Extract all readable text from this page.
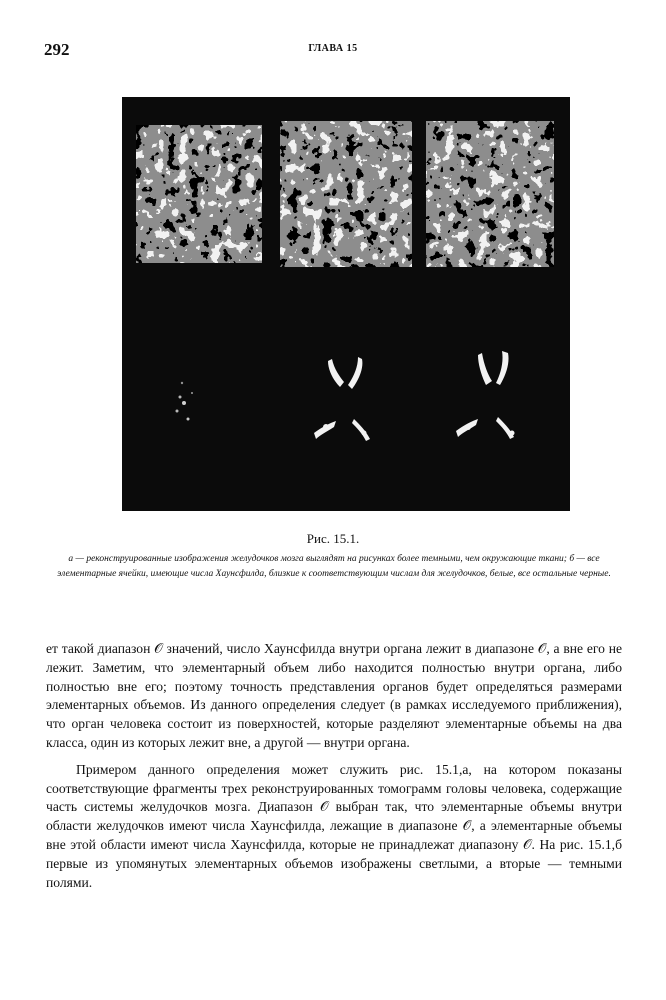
292	ГЛАВА 15
Рис. 15.1.
а — реконструированные изображения желудочков мозга выглядят на рисунках более темными, чем окружающие ткани; б — все элементарные ячейки, имеющие числа Хаунсфилда, близкие к соответствующим числам для желудочков, белые, все остальные черные.

ет такой диапазон 𝒪 значений, число Хаунсфилда внутри органа лежит в диапазоне 𝒪, а вне его не лежит. Заметим, что элементарный объем либо находится полностью внутри органа, либо полностью вне его; поэтому точность представления органов будет определяться размерами элементарных объемов. Из данного определения следует (в рамках исследуемого приближения), что орган человека состоит из поверхностей, которые разделяют элементарные объемы на два класса, один из которых лежит вне, а другой — внутри органа.

Примером данного определения может служить рис. 15.1,а, на котором показаны соответствующие фрагменты трех реконструированных томограмм головы человека, содержащие часть системы желудочков мозга. Диапазон 𝒪 выбран так, что элементарные объемы внутри области желудочков имеют числа Хаунсфилда, лежащие в диапазоне 𝒪, а элементарные объемы вне этой области имеют числа Хаунсфилда, которые не принадлежат диапазону 𝒪. На рис. 15.1,б первые из упомянутых элементарных объемов изображены светлыми, а вторые — темными полями.
